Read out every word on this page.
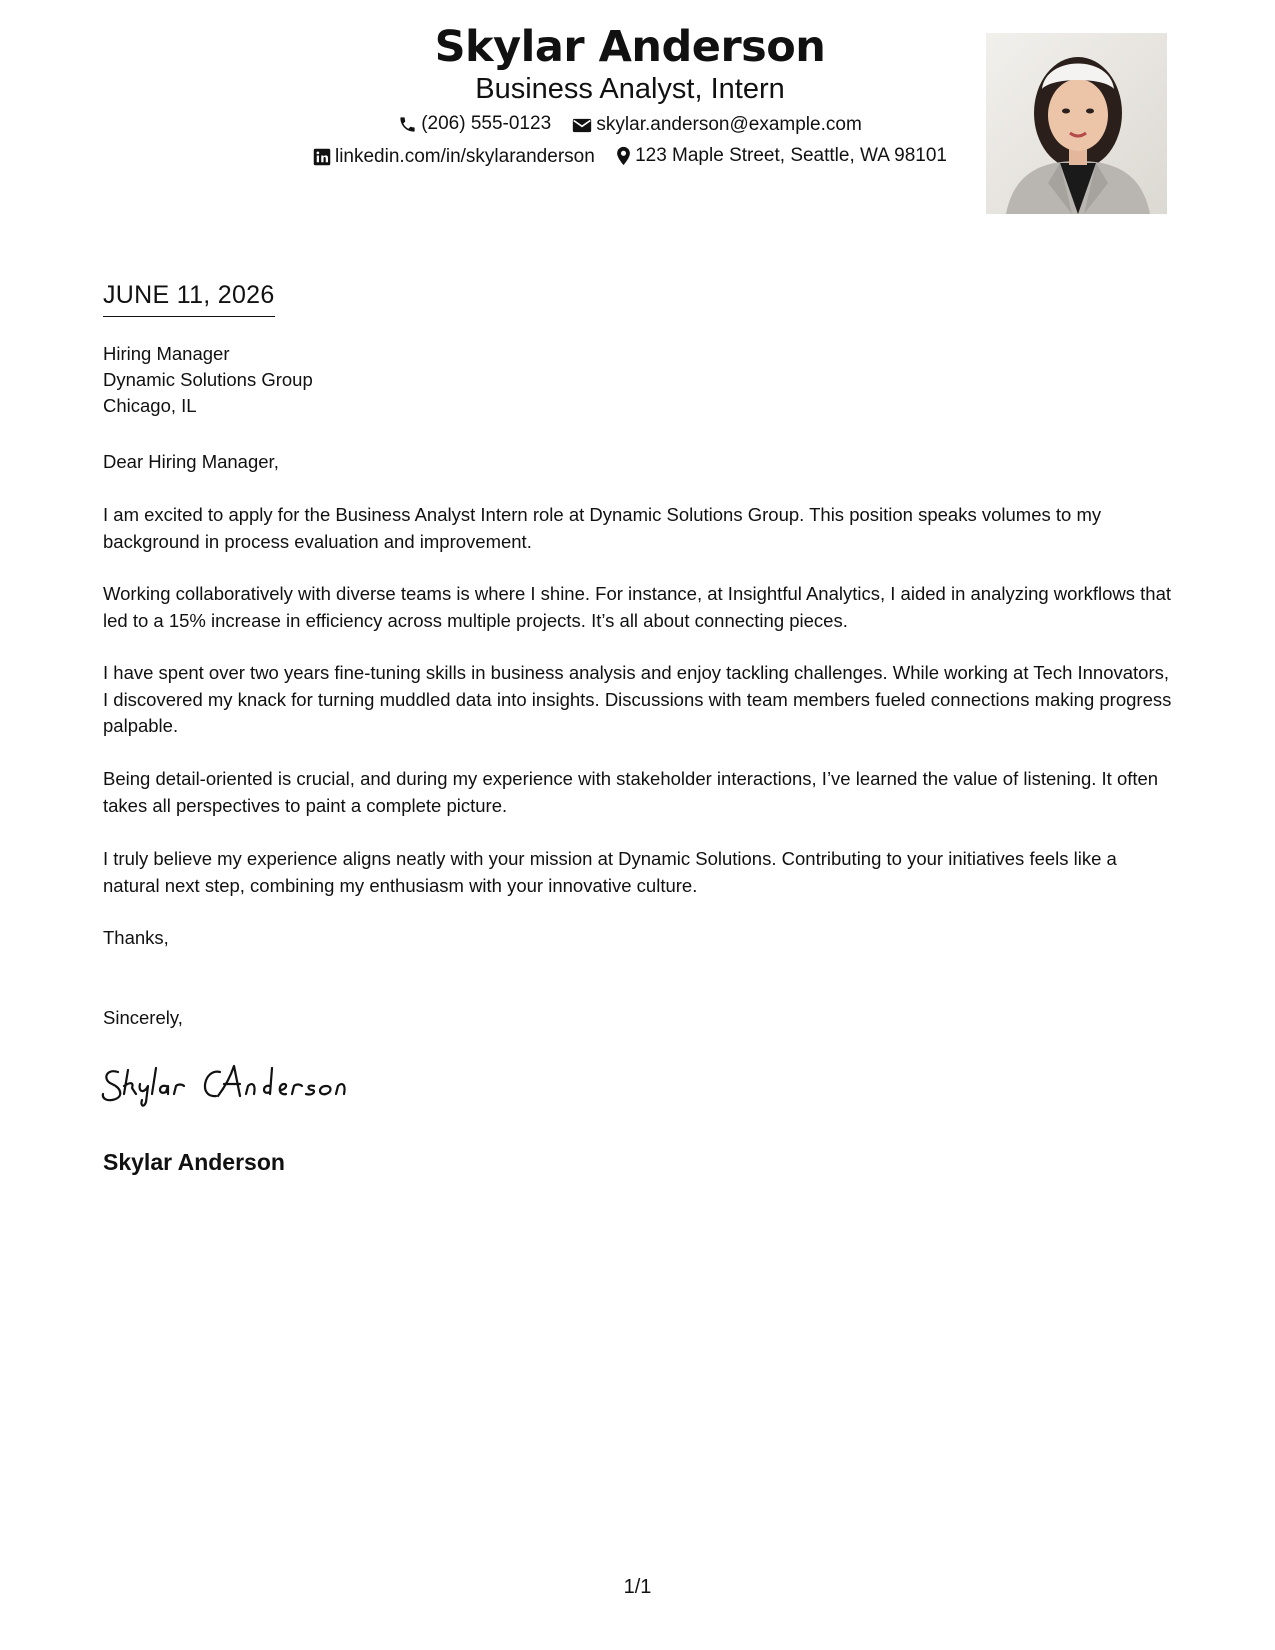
Skylar Anderson
Business Analyst, Intern
(206) 555-0123
skylar.anderson@example.com
linkedin.com/in/skylaranderson
123 Maple Street, Seattle, WA 98101
JUNE 11, 2026
Hiring Manager
Dynamic Solutions Group
Chicago, IL
Dear Hiring Manager,
I am excited to apply for the Business Analyst Intern role at Dynamic Solutions Group. This position speaks volumes to my background in process evaluation and improvement.
Working collaboratively with diverse teams is where I shine. For instance, at Insightful Analytics, I aided in analyzing workflows that led to a 15% increase in efficiency across multiple projects. It’s all about connecting pieces.
I have spent over two years fine-tuning skills in business analysis and enjoy tackling challenges. While working at Tech Innovators, I discovered my knack for turning muddled data into insights. Discussions with team members fueled connections making progress palpable.
Being detail-oriented is crucial, and during my experience with stakeholder interactions, I’ve learned the value of listening. It often takes all perspectives to paint a complete picture.
I truly believe my experience aligns neatly with your mission at Dynamic Solutions. Contributing to your initiatives feels like a natural next step, combining my enthusiasm with your innovative culture.
Thanks,
Sincerely,
Skylar Anderson
1/1
